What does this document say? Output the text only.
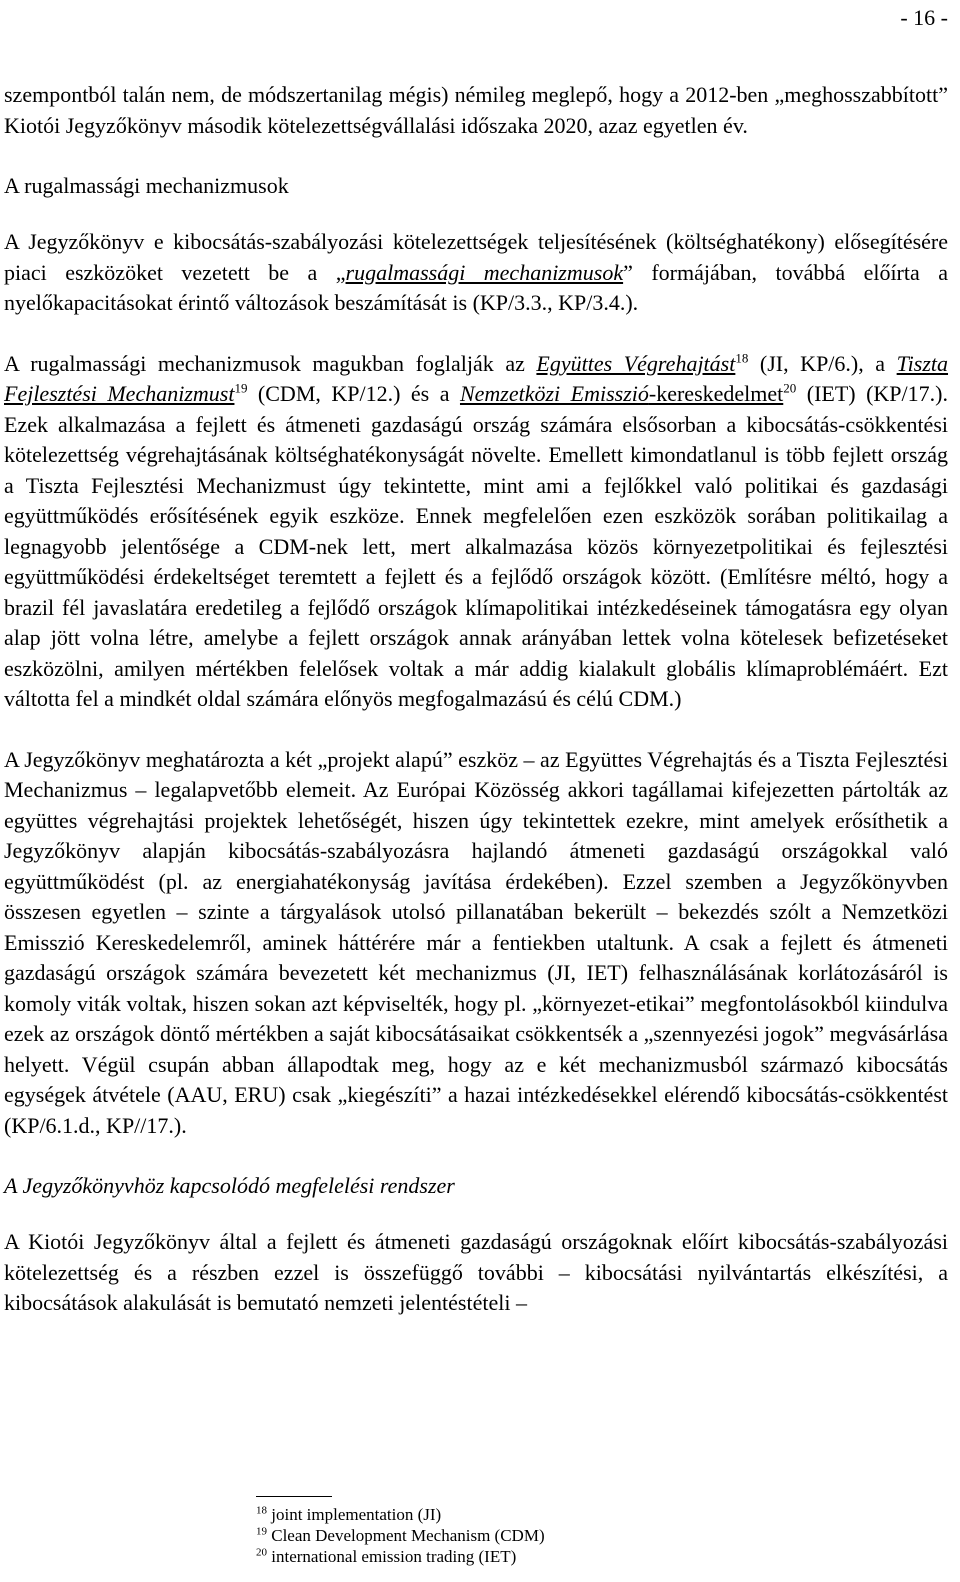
- 16 -

szempontból talán nem, de módszertanilag mégis) némileg meglepő, hogy a 2012-ben „meghosszabbított” Kiotói Jegyzőkönyv második kötelezettségvállalási időszaka 2020, azaz egyetlen év.

A rugalmassági mechanizmusok

A Jegyzőkönyv e kibocsátás-szabályozási kötelezettségek teljesítésének (költséghatékony) elősegítésére piaci eszközöket vezetett be a „rugalmassági mechanizmusok” formájában, továbbá előírta a nyelőkapacitásokat érintő változások beszámítását is (KP/3.3., KP/3.4.).

A rugalmassági mechanizmusok magukban foglalják az Együttes Végrehajtást$^{18}$ (JI, KP/6.), a Tiszta Fejlesztési Mechanizmust$^{19}$ (CDM, KP/12.) és a Nemzetközi Emisszió-kereskedelmet$^{20}$ (IET) (KP/17.). Ezek alkalmazása a fejlett és átmeneti gazdaságú ország számára elsősorban a kibocsátás-csökkentési kötelezettség végrehajtásának költséghatékonyságát növelte. Emellett kimondatlanul is több fejlett ország a Tiszta Fejlesztési Mechanizmust úgy tekintette, mint ami a fejlőkkel való politikai és gazdasági együttműködés erősítésének egyik eszköze. Ennek megfelelően ezen eszközök sorában politikailag a legnagyobb jelentősége a CDM-nek lett, mert alkalmazása közös környezetpolitikai és fejlesztési együttműködési érdekeltséget teremtett a fejlett és a fejlődő országok között. (Említésre méltó, hogy a brazil fél javaslatára eredetileg a fejlődő országok klímapolitikai intézkedéseinek támogatásra egy olyan alap jött volna létre, amelybe a fejlett országok annak arányában lettek volna kötelesek befizetéseket eszközölni, amilyen mértékben felelősek voltak a már addig kialakult globális klímaproblémáért. Ezt váltotta fel a mindkét oldal számára előnyös megfogalmazású és célú CDM.)

A Jegyzőkönyv meghatározta a két „projekt alapú” eszköz – az Együttes Végrehajtás és a Tiszta Fejlesztési Mechanizmus – legalapvetőbb elemeit. Az Európai Közösség akkori tagállamai kifejezetten pártolták az együttes végrehajtási projektek lehetőségét, hiszen úgy tekintettek ezekre, mint amelyek erősíthetik a Jegyzőkönyv alapján kibocsátás-szabályozásra hajlandó átmeneti gazdaságú országokkal való együttműködést (pl. az energiahatékonyság javítása érdekében). Ezzel szemben a Jegyzőkönyvben összesen egyetlen – szinte a tárgyalások utolsó pillanatában bekerült – bekezdés szólt a Nemzetközi Emisszió Kereskedelemről, aminek háttérére már a fentiekben utaltunk. A csak a fejlett és átmeneti gazdaságú országok számára bevezetett két mechanizmus (JI, IET) felhasználásának korlátozásáról is komoly viták voltak, hiszen sokan azt képviselték, hogy pl. „környezet-etikai” megfontolásokból kiindulva ezek az országok döntő mértékben a saját kibocsátásaikat csökkentsék a „szennyezési jogok” megvásárlása helyett. Végül csupán abban állapodtak meg, hogy az e két mechanizmusból származó kibocsátás egységek átvétele (AAU, ERU) csak „kiegészíti” a hazai intézkedésekkel elérendő kibocsátás-csökkentést (KP/6.1.d., KP//17.).

A Jegyzőkönyvhöz kapcsolódó megfelelési rendszer

A Kiotói Jegyzőkönyv által a fejlett és átmeneti gazdaságú országoknak előírt kibocsátás-szabályozási kötelezettség és a részben ezzel is összefüggő további – kibocsátási nyilvántartás elkészítési, a kibocsátások alakulását is bemutató nemzeti jelentéstételi –

$^{18}$ joint implementation (JI)
$^{19}$ Clean Development Mechanism (CDM)
$^{20}$ international emission trading (IET)
